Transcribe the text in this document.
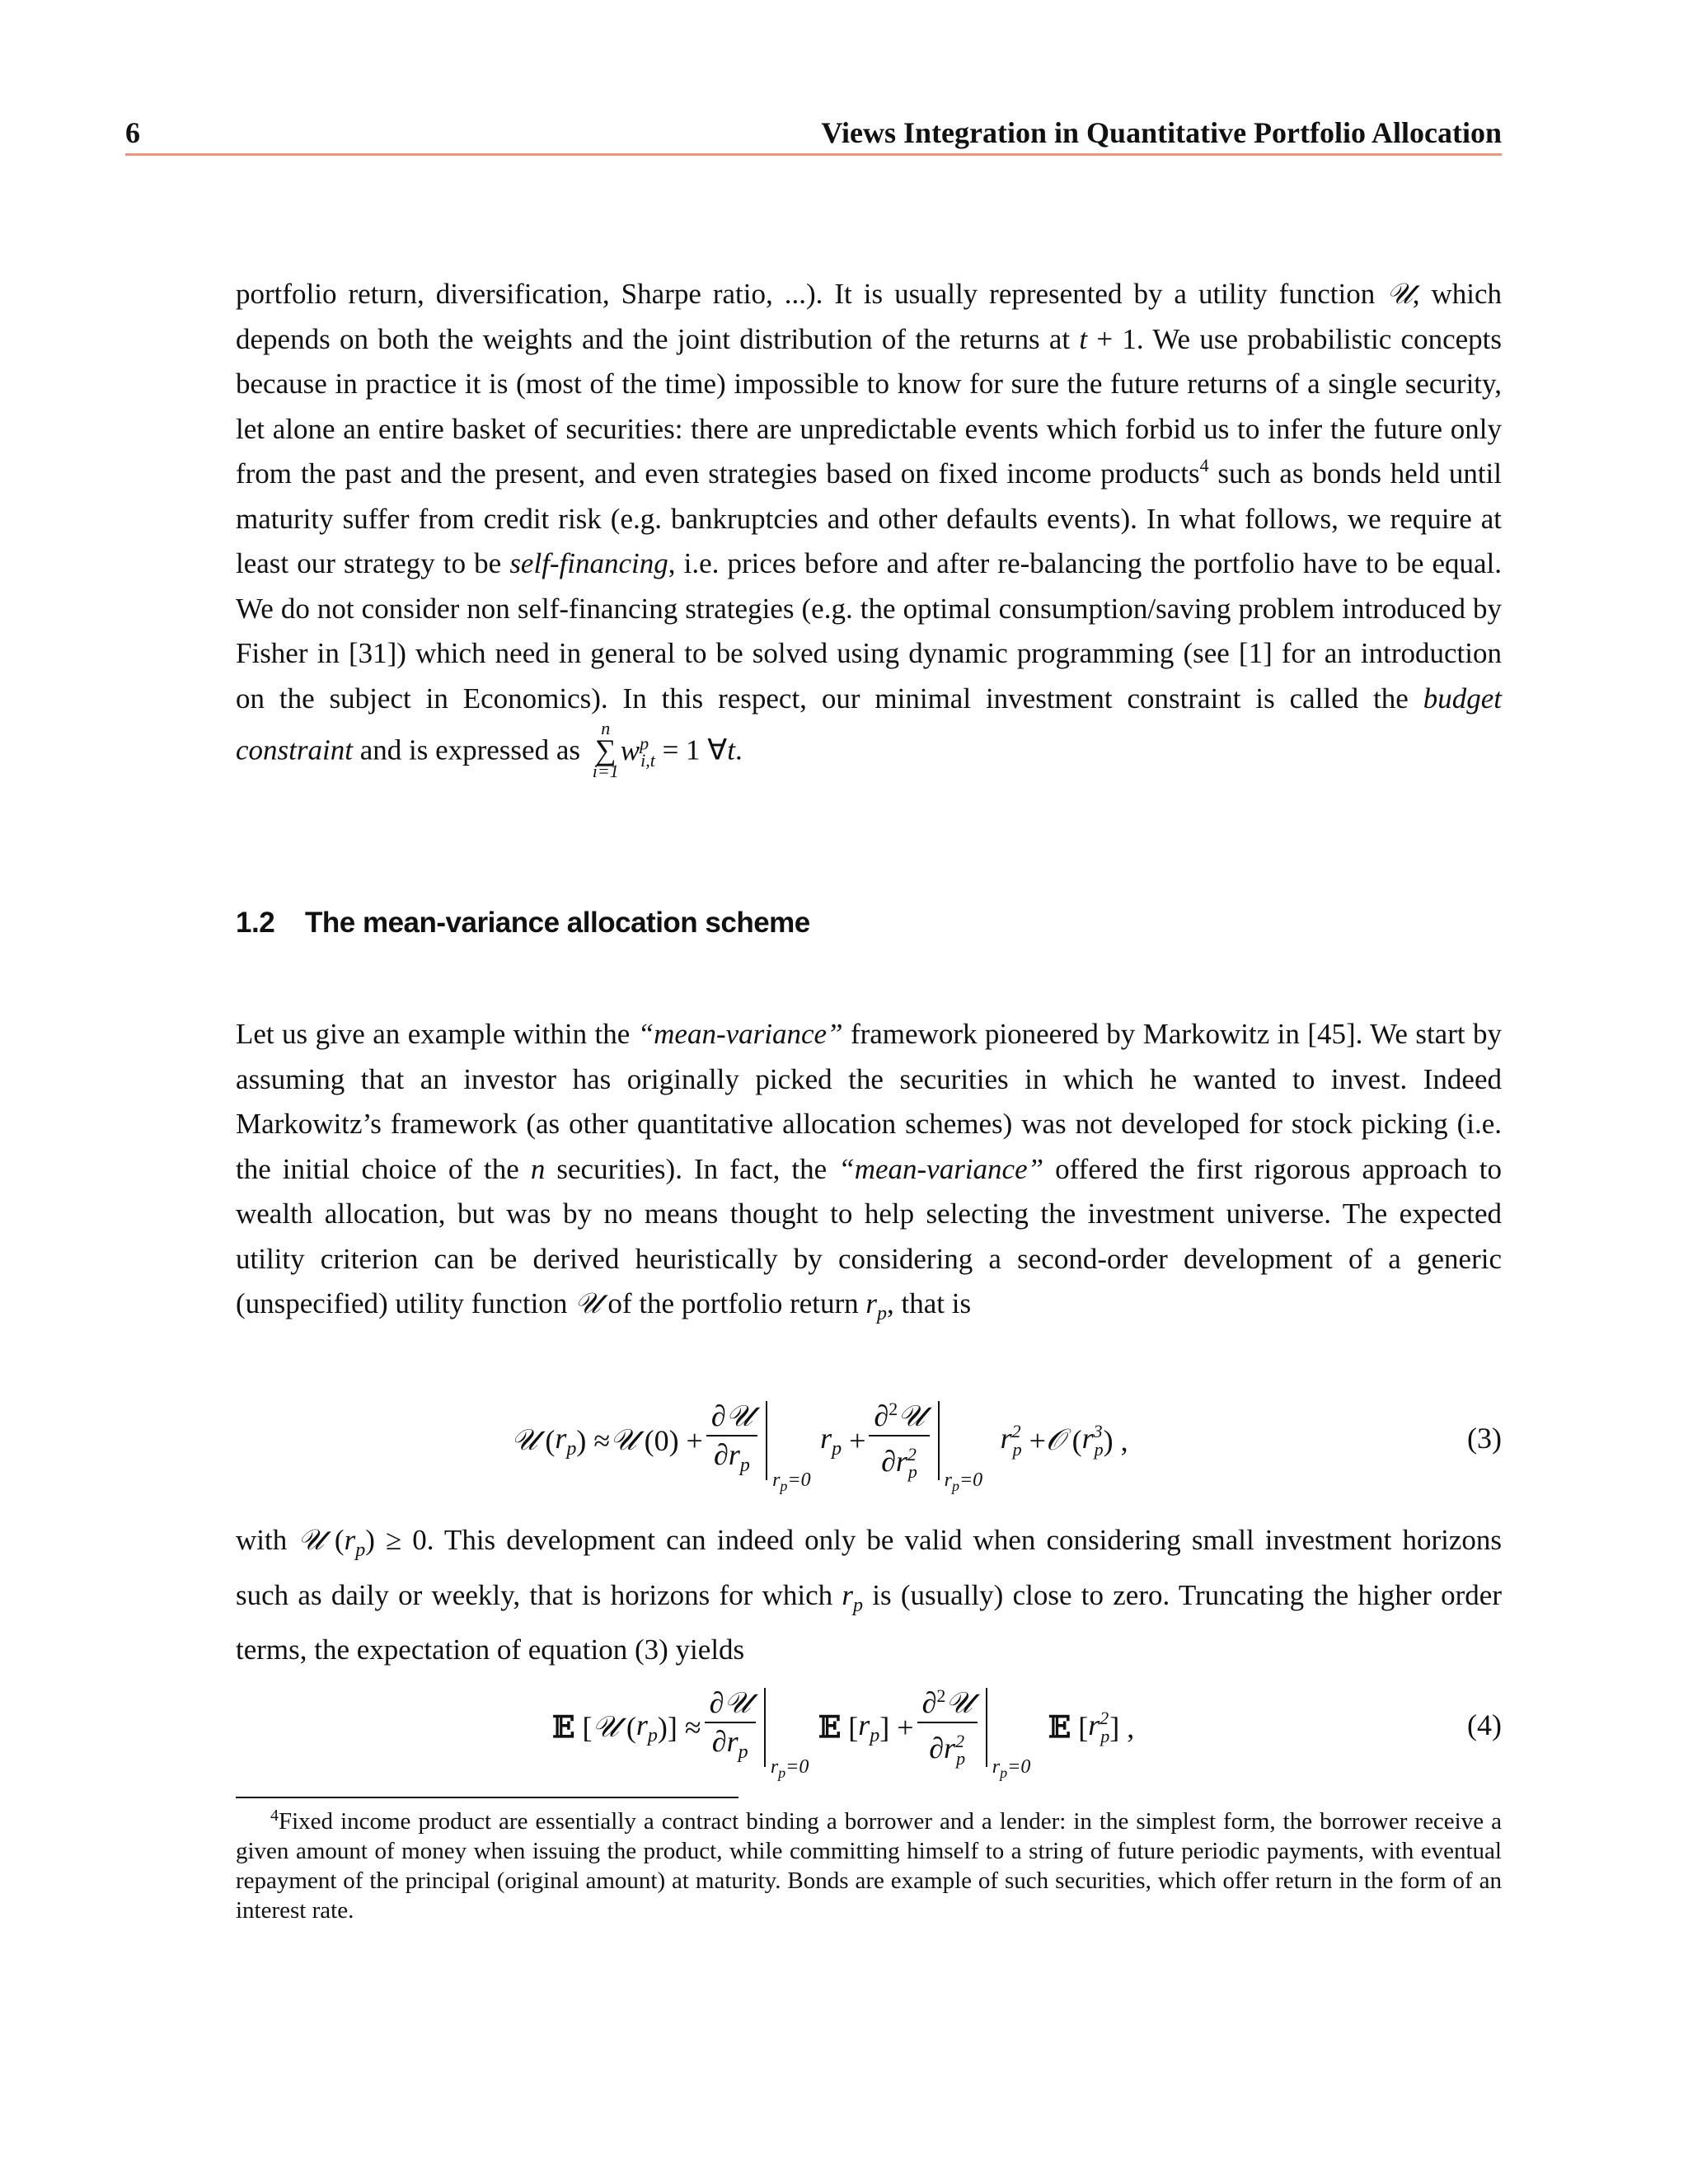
6	Views Integration in Quantitative Portfolio Allocation
portfolio return, diversification, Sharpe ratio, ...). It is usually represented by a utility function 𝒰, which depends on both the weights and the joint distribution of the returns at t + 1. We use probabilistic concepts because in practice it is (most of the time) impossible to know for sure the future returns of a single security, let alone an entire basket of securities: there are unpredictable events which forbid us to infer the future only from the past and the present, and even strategies based on fixed income products$^4$ such as bonds held until maturity suffer from credit risk (e.g. bankruptcies and other defaults events). In what follows, we require at least our strategy to be self-financing, i.e. prices before and after re-balancing the portfolio have to be equal. We do not consider non self-financing strategies (e.g. the optimal consumption/saving problem introduced by Fisher in [31]) which need in general to be solved using dynamic programming (see [1] for an introduction on the subject in Economics). In this respect, our minimal investment constraint is called the budget constraint and is expressed as
n
∑
i=1
$w^p_{i,t} = 1$ ∀t.
1.2 The mean-variance allocation scheme
Let us give an example within the “mean-variance” framework pioneered by Markowitz in [45]. We start by assuming that an investor has originally picked the securities in which he wanted to invest. Indeed Markowitz’s framework (as other quantitative allocation schemes) was not developed for stock picking (i.e. the initial choice of the n securities). In fact, the “mean-variance” offered the first rigorous approach to wealth allocation, but was by no means thought to help selecting the investment universe. The expected utility criterion can be derived heuristically by considering a second-order development of a generic (unspecified) utility function 𝒰 of the portfolio return $r_p$, that is
𝒰 ( $r_p$ ) ≈ 𝒰 $(0) + \frac{\text{∂𝒰}}{\partial r_p} r_p=0$
$r_p + \frac{\partial^2𝒰}{\partial r^2_p} r_p=0$
$r^2_p$ + 𝒪 ( $r^3_p$ ) ,	(3)
with 𝒰 $(r_p) \ge 0$. This development can indeed only be valid when considering small investment horizons such as daily or weekly, that is horizons for which $r_p$ is (usually) close to zero. Truncating the higher order terms, the expectation of equation (3) yields
𝔼 [ 𝒰 ( $r_p$ )] ≈ $\frac{\text{∂𝒰}}{\partial r_p} r_p=0$
𝔼 [ $r_p$ ] + $\frac{\partial^2𝒰}{\partial r^2_p} r_p=0$
𝔼 [ $r^2_p$ ] ,	(4)
$^4$Fixed income product are essentially a contract binding a borrower and a lender: in the simplest form, the borrower receive a given amount of money when issuing the product, while committing himself to a string of future periodic payments, with eventual repayment of the principal (original amount) at maturity. Bonds are example of such securities, which offer return in the form of an interest rate.
